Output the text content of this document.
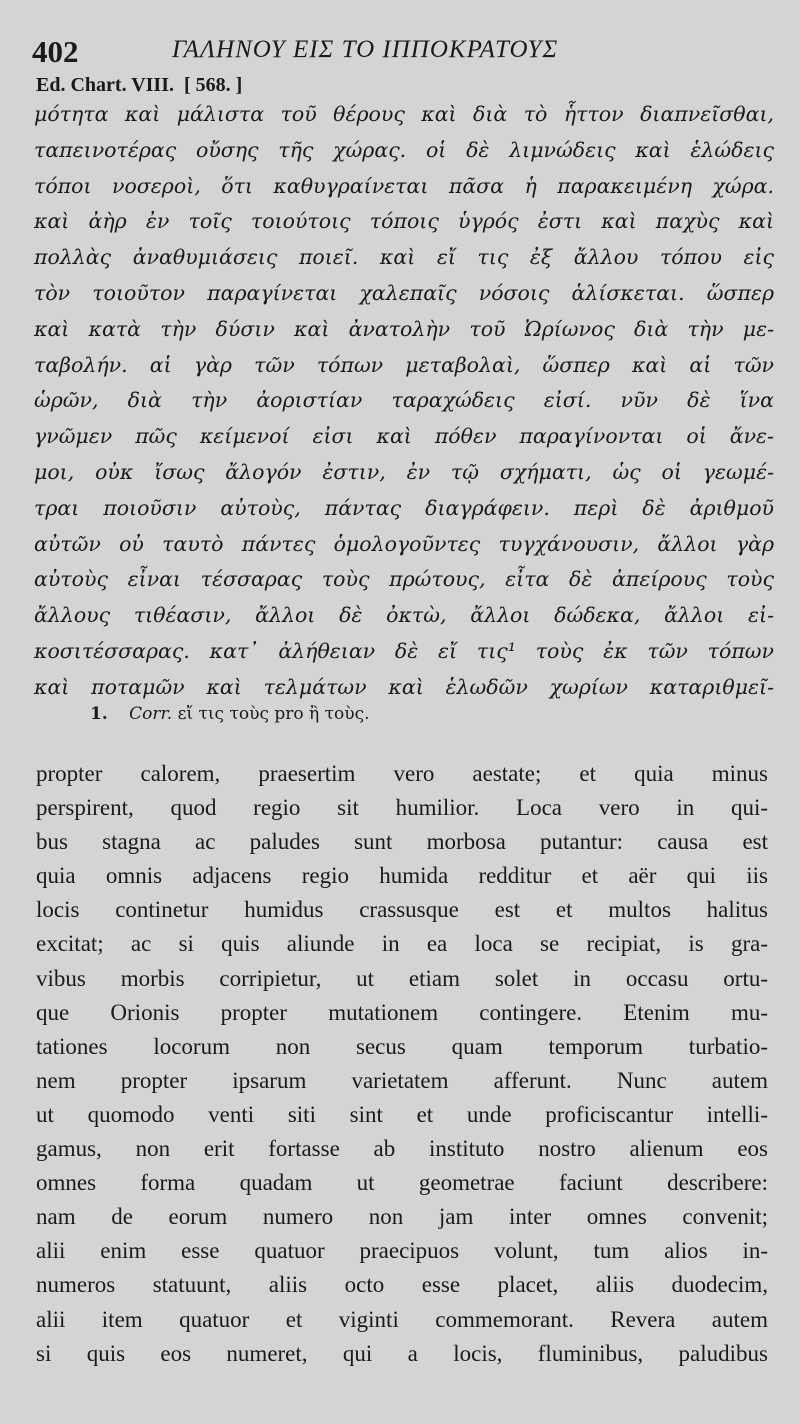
402	ΓΑΛΗΝΟΥ ΕΙΣ ΤΟ ΙΠΠΟΚΡΑΤΟΥΣ
Ed. Chart. VIII.  [ 568. ]
μότητα καὶ μάλιστα τοῦ θέρους καὶ διὰ τὸ ἧττον διαπνεῖσθαι,
ταπεινοτέρας οὔσης τῆς χώρας. οἱ δὲ λιμνώδεις καὶ ἑλώδεις
τόποι νοσεροὶ, ὅτι καθυγραίνεται πᾶσα ἡ παρακειμένη χώρα.
καὶ ἀὴρ ἐν τοῖς τοιούτοις τόποις ὑγρός ἐστι καὶ παχὺς καὶ
πολλὰς ἀναθυμιάσεις ποιεῖ. καὶ εἴ τις ἐξ ἄλλου τόπου εἰς
τὸν τοιοῦτον παραγίνεται χαλεπαῖς νόσοις ἁλίσκεται. ὥσπερ
καὶ κατὰ τὴν δύσιν καὶ ἀνατολὴν τοῦ Ὠρίωνος διὰ τὴν με-
ταβολήν. αἱ γὰρ τῶν τόπων μεταβολαὶ, ὥσπερ καὶ αἱ τῶν
ὡρῶν, διὰ τὴν ἀοριστίαν ταραχώδεις εἰσί. νῦν δὲ ἵνα
γνῶμεν πῶς κείμενοί εἰσι καὶ πόθεν παραγίνονται οἱ ἄνε-
μοι, οὐκ ἴσως ἄλογόν ἐστιν, ἐν τῷ σχήματι, ὡς οἱ γεωμέ-
τραι ποιοῦσιν αὐτοὺς, πάντας διαγράφειν. περὶ δὲ ἀριθμοῦ
αὐτῶν οὐ ταυτὸ πάντες ὁμολογοῦντες τυγχάνουσιν, ἄλλοι γὰρ
αὐτοὺς εἶναι τέσσαρας τοὺς πρώτους, εἶτα δὲ ἀπείρους τοὺς
ἄλλους τιθέασιν, ἄλλοι δὲ ὀκτὼ, ἄλλοι δώδεκα, ἄλλοι εἰ-
κοσιτέσσαρας. κατ᾽ ἀλήθειαν δὲ εἴ τις¹ τοὺς ἐκ τῶν τόπων
καὶ ποταμῶν καὶ τελμάτων καὶ ἑλωδῶν χωρίων καταριθμεῖ-
1. Corr. εἴ τις τοὺς pro ἢ τοὺς.
propter calorem, praesertim vero aestate; et quia minus
perspirent, quod regio sit humilior. Loca vero in qui-
bus stagna ac paludes sunt morbosa putantur: causa est
quia omnis adjacens regio humida redditur et aër qui iis
locis continetur humidus crassusque est et multos halitus
excitat; ac si quis aliunde in ea loca se recipiat, is gra-
vibus morbis corripietur, ut etiam solet in occasu ortu-
que Orionis propter mutationem contingere. Etenim mu-
tationes locorum non secus quam temporum turbatio-
nem propter ipsarum varietatem afferunt. Nunc autem
ut quomodo venti siti sint et unde proficiscantur intelli-
gamus, non erit fortasse ab instituto nostro alienum eos
omnes forma quadam ut geometrae faciunt describere:
nam de eorum numero non jam inter omnes convenit;
alii enim esse quatuor praecipuos volunt, tum alios in-
numeros statuunt, aliis octo esse placet, aliis duodecim,
alii item quatuor et viginti commemorant. Revera autem
si quis eos numeret, qui a locis, fluminibus, paludibus
